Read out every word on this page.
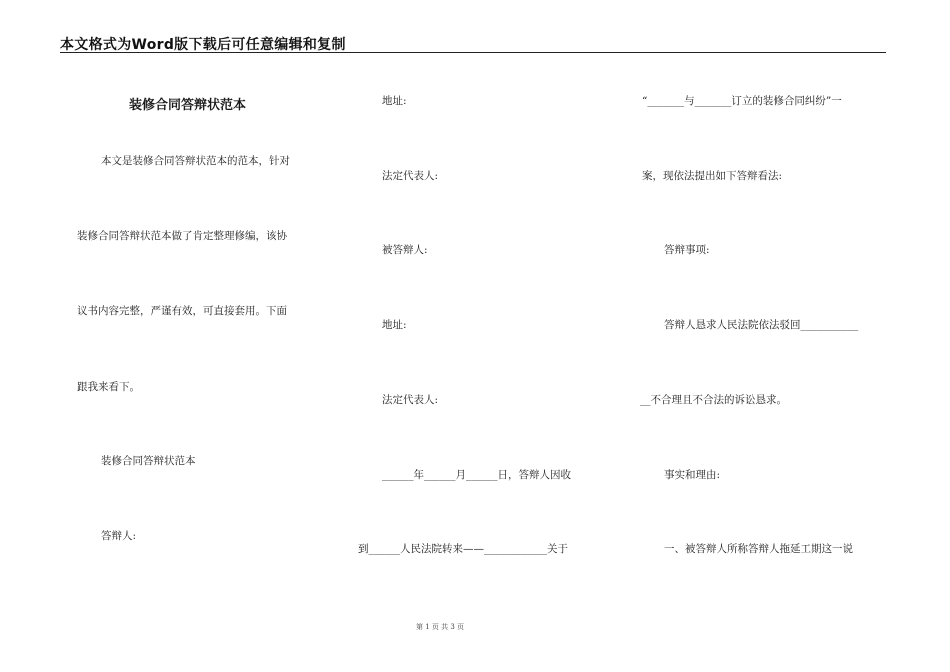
本文格式为Word版下载后可任意编辑和复制
装修合同答辩状范本
本文是装修合同答辩状范本的范本，针对
装修合同答辩状范本做了肯定整理修编，该协
议书内容完整，严谨有效，可直接套用。下面
跟我来看下。
装修合同答辩状范本
答辩人:
地址:
法定代表人:
被答辩人:
地址:
法定代表人:
______年______月______日，答辩人因收
到______人民法院转来——____________关于
“_______与_______订立的装修合同纠纷”一
案，现依法提出如下答辩看法:
答辩事项:
答辩人恳求人民法院依法驳回___________
__不合理且不合法的诉讼恳求。
事实和理由:
一、被答辩人所称答辩人拖延工期这一说
第 1 页 共 3 页
